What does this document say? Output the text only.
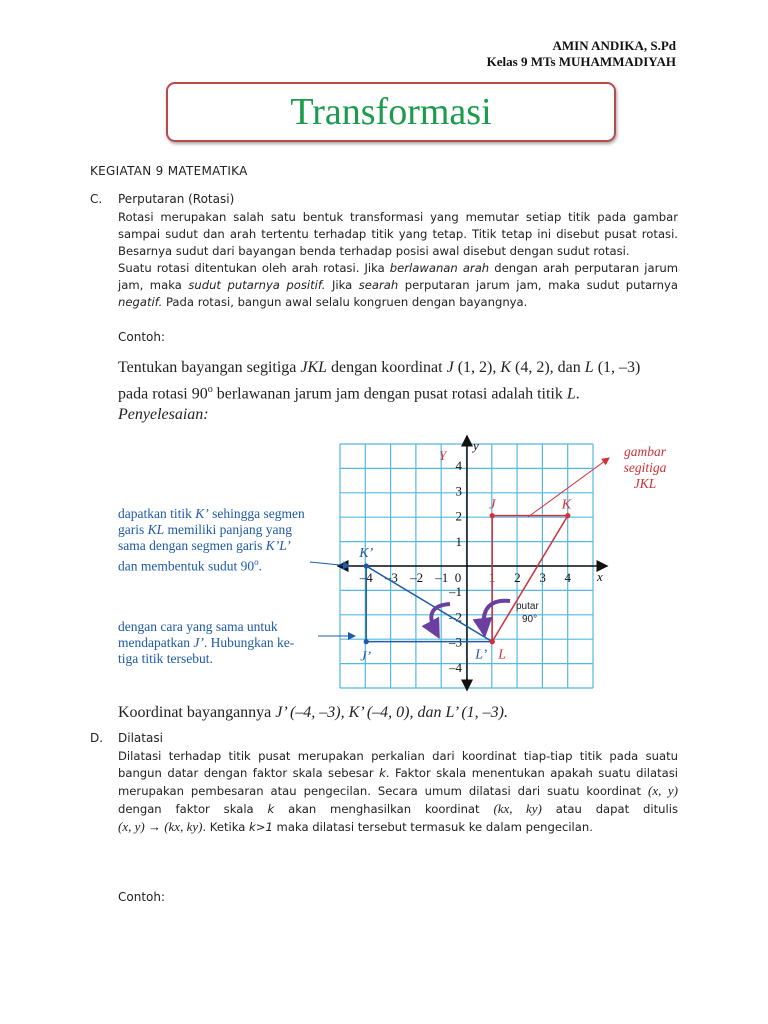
AMIN ANDIKA, S.Pd
Kelas 9 MTs MUHAMMADIYAH
Transformasi
KEGIATAN 9 MATEMATIKA
C. Perputaran (Rotasi)
Rotasi merupakan salah satu bentuk transformasi yang memutar setiap titik pada gambar
sampai sudut dan arah tertentu terhadap titik yang tetap. Titik tetap ini disebut pusat rotasi.
Besarnya sudut dari bayangan benda terhadap posisi awal disebut dengan sudut rotasi.
Suatu rotasi ditentukan oleh arah rotasi. Jika berlawanan arah dengan arah perputaran jarum
jam, maka sudut putarnya positif. Jika searah perputaran jarum jam, maka sudut putarnya
negatif. Pada rotasi, bangun awal selalu kongruen dengan bayangnya.
Contoh:
Tentukan bayangan segitiga JKL dengan koordinat J (1, 2), K (4, 2), dan L (1, –3)
pada rotasi 90$^o$ berlawanan jarum jam dengan pusat rotasi adalah titik L.
Penyelesaian:
dapatkan titik K’ sehingga segmen
garis KL memiliki panjang yang
sama dengan segmen garis K’L’
dan membentuk sudut 90$^o$.
dengan cara yang sama untuk
mendapatkan J’. Hubungkan ke-
tiga titik tersebut.
gambar
segitiga
JKL
x
y
Y
–4 –3 –2 –1 0 1 2 3 4
4
3
2
1
–1
–2
–3
–4
J	K
L
J’
K’
L’
putar
90°
Koordinat bayangannya J’ (–4, –3), K’ (–4, 0), dan L’ (1, –3).
D. Dilatasi
Dilatasi terhadap titik pusat merupakan perkalian dari koordinat tiap-tiap titik pada suatu
bangun datar dengan faktor skala sebesar k. Faktor skala menentukan apakah suatu dilatasi
merupakan pembesaran atau pengecilan. Secara umum dilatasi dari suatu koordinat (x, y)
dengan faktor skala k akan menghasilkan koordinat (kx, ky) atau dapat ditulis
(x, y) → (kx, ky). Ketika k>1 maka dilatasi tersebut termasuk ke dalam pengecilan.
Contoh:
